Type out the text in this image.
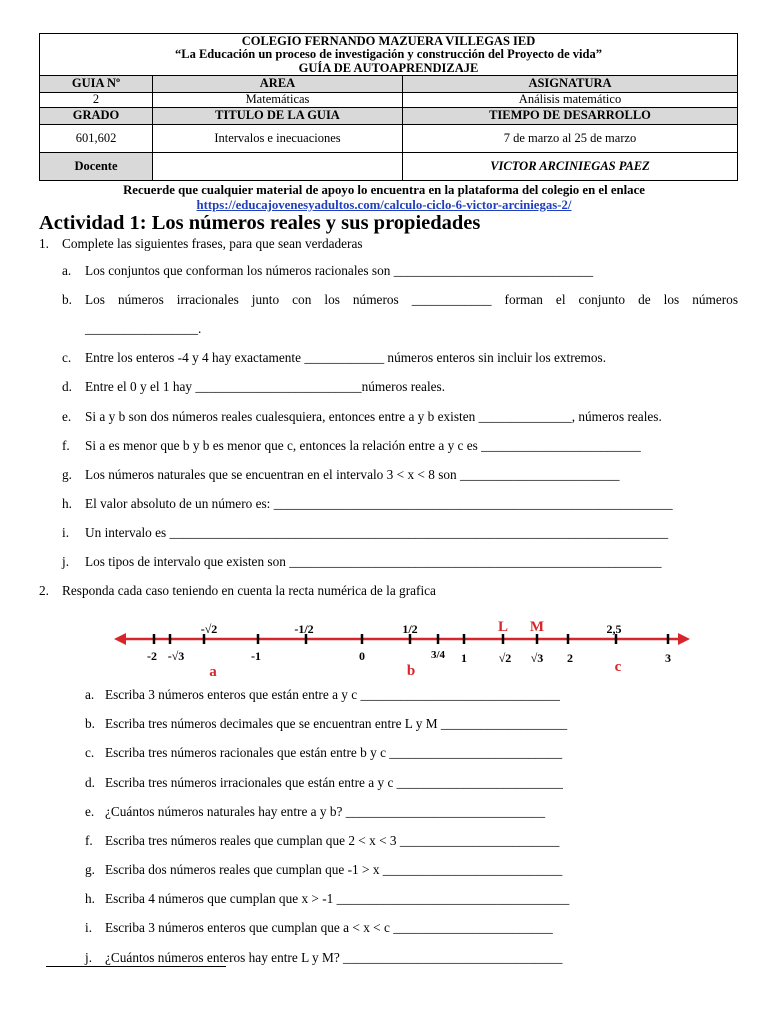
COLEGIO FERNANDO MAZUERA VILLEGAS IED
“La Educación un proceso de investigación y construcción del Proyecto de vida”
GUÍA DE AUTOAPRENDIZAJE		

GUIA Nº	AREA	ASIGNATURA
2	Matemáticas	Análisis matemático
GRADO	TITULO DE LA GUIA	TIEMPO DE DESARROLLO
601,602	Intervalos e inecuaciones	7 de marzo al 25 de marzo
Docente		VICTOR ARCINIEGAS PAEZ
Recuerde que cualquier material de apoyo lo encuentra en la plataforma del colegio en el enlace
https://educajovenesyadultos.com/calculo-ciclo-6-victor-arciniegas-2/
Actividad 1: Los números reales y sus propiedades
1. Complete las siguientes frases, para que sean verdaderas
a. Los conjuntos que conforman los números racionales son ______________________________
b. Los números irracionales junto con los números ____________ forman el conjunto de los números
_________________.
c. Entre los enteros -4 y 4 hay exactamente ____________ números enteros sin incluir los extremos.
d. Entre el 0 y el 1 hay _________________________números reales.
e. Si a y b son dos números reales cualesquiera, entonces entre a y b existen ______________, números reales.
f. Si a es menor que b y b es menor que c, entonces la relación entre a y c es ________________________
g. Los números naturales que se encuentran en el intervalo 3 < x < 8 son ________________________
h. El valor absoluto de un número es: ____________________________________________________________
i. Un intervalo es ___________________________________________________________________________
j. Los tipos de intervalo que existen son ________________________________________________________
2. Responda cada caso teniendo en cuenta la recta numérica de la grafica
-√2	-1/2	1/2	2,5
-2 -√3	-1	0	3/4 1	√2 √3 2	3
L M
a	b	c
a. Escriba 3 números enteros que están entre a y c ______________________________
b. Escriba tres números decimales que se encuentran entre L y M ___________________
c. Escriba tres números racionales que están entre b y c __________________________
d. Escriba tres números irracionales que están entre a y c _________________________
e. ¿Cuántos números naturales hay entre a y b? ______________________________
f. Escriba tres números reales que cumplan que 2 < x < 3 ________________________
g. Escriba dos números reales que cumplan que -1 > x ___________________________
h. Escriba 4 números que cumplan que x > -1 ___________________________________
i. Escriba 3 números enteros que cumplan que a < x < c ________________________
j. ¿Cuántos números enteros hay entre L y M? _________________________________
